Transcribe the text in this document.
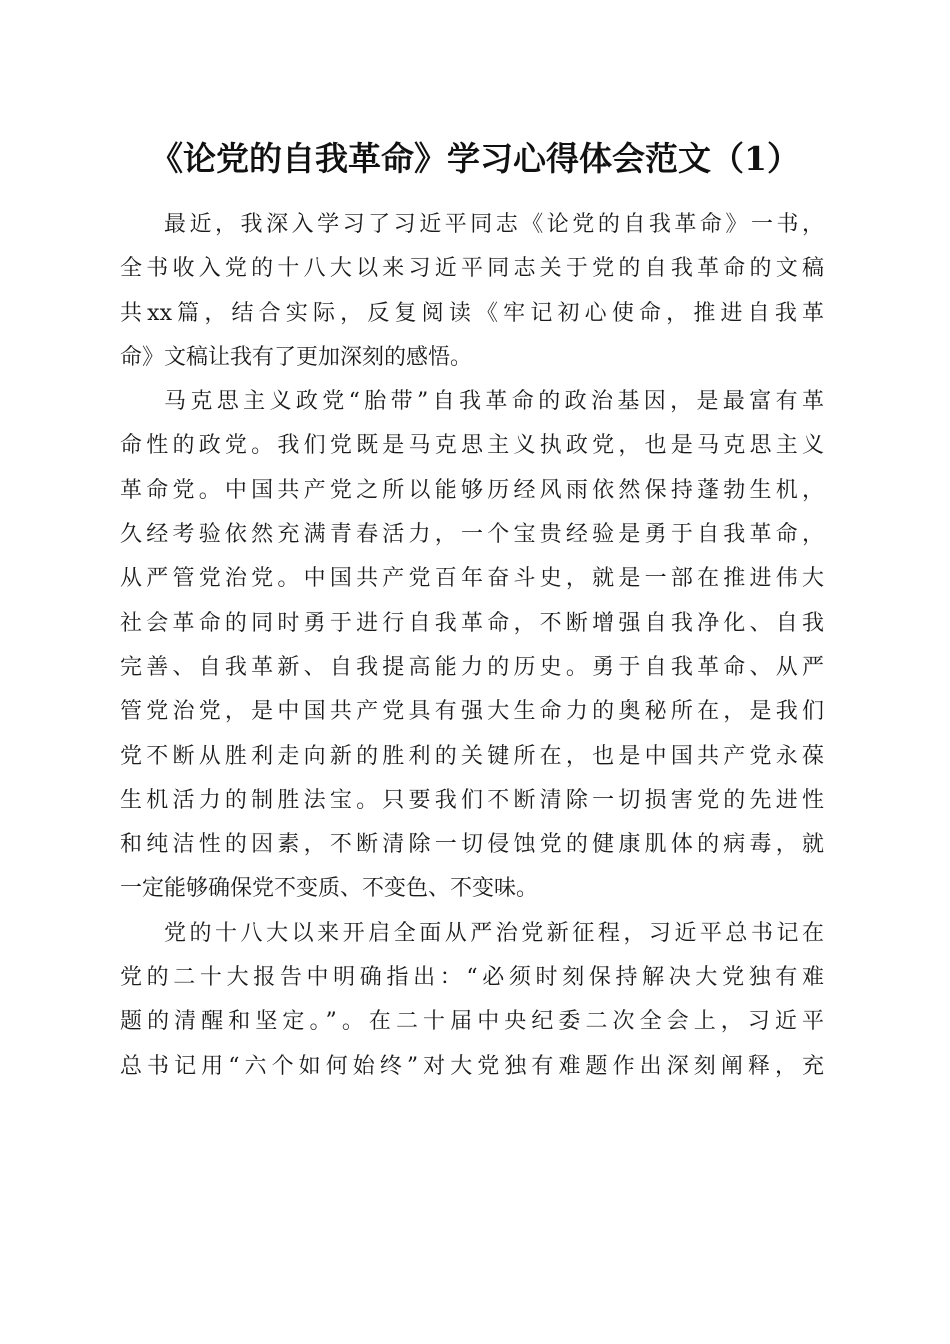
《论党的自我革命》学习心得体会范文（1）
最近，我深入学习了习近平同志《论党的自我革命》一书，
全书收入党的十八大以来习近平同志关于党的自我革命的文稿
共xx篇，结合实际，反复阅读《牢记初心使命，推进自我革
命》文稿让我有了更加深刻的感悟。
马克思主义政党“胎带”自我革命的政治基因，是最富有革
命性的政党。我们党既是马克思主义执政党，也是马克思主义
革命党。中国共产党之所以能够历经风雨依然保持蓬勃生机，
久经考验依然充满青春活力，一个宝贵经验是勇于自我革命，
从严管党治党。中国共产党百年奋斗史，就是一部在推进伟大
社会革命的同时勇于进行自我革命，不断增强自我净化、自我
完善、自我革新、自我提高能力的历史。勇于自我革命、从严
管党治党，是中国共产党具有强大生命力的奥秘所在，是我们
党不断从胜利走向新的胜利的关键所在，也是中国共产党永葆
生机活力的制胜法宝。只要我们不断清除一切损害党的先进性
和纯洁性的因素，不断清除一切侵蚀党的健康肌体的病毒，就
一定能够确保党不变质、不变色、不变味。
党的十八大以来开启全面从严治党新征程，习近平总书记在
党的二十大报告中明确指出：“必须时刻保持解决大党独有难
题的清醒和坚定。”。在二十届中央纪委二次全会上，习近平
总书记用“六个如何始终”对大党独有难题作出深刻阐释，充
